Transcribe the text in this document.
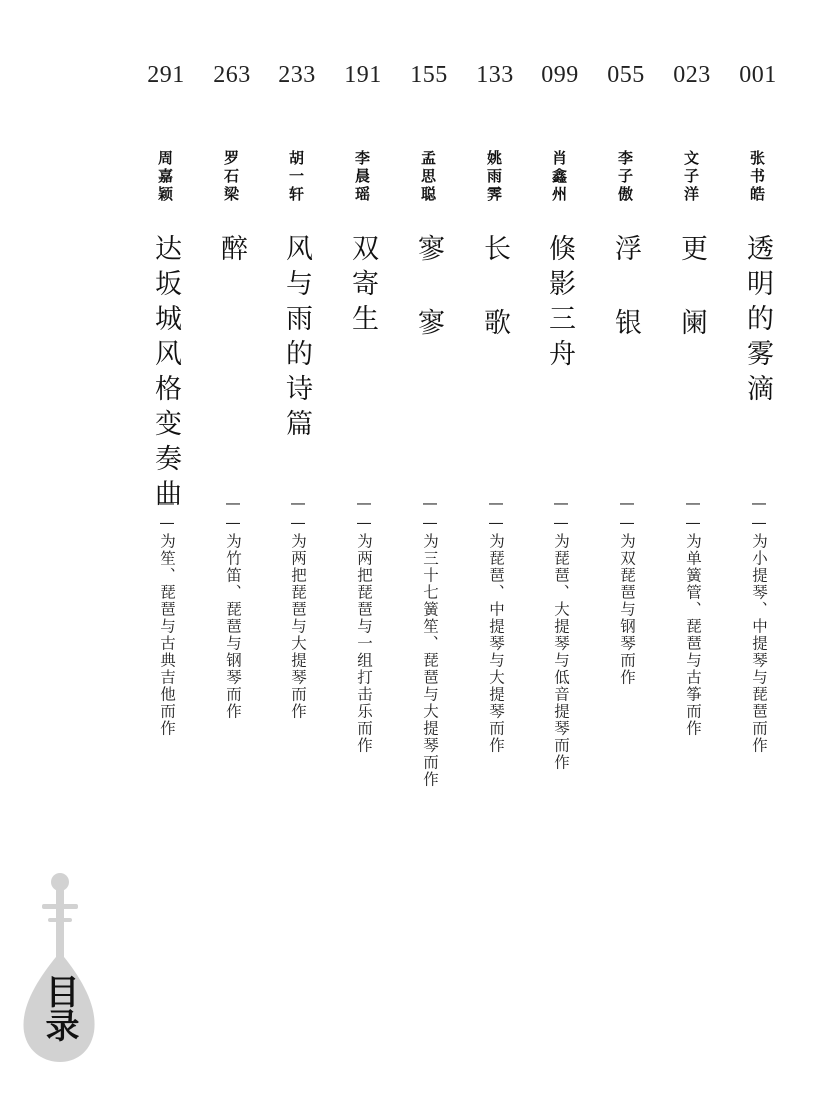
001
张书皓
透明的雾滴
——为小提琴、中提琴与琵琶而作
023
文子洋
更 阑
——为单簧管、琵琶与古筝而作
055
李子傲
浮 银
——为双琵琶与钢琴而作
099
肖鑫州
倏影三舟
——为琵琶、大提琴与低音提琴而作
133
姚雨霁
长 歌
——为琵琶、中提琴与大提琴而作
155
孟思聪
寥 寥
——为三十七簧笙、琵琶与大提琴而作
191
李晨瑶
双寄生
——为两把琵琶与一组打击乐而作
233
胡一轩
风与雨的诗篇
——为两把琵琶与大提琴而作
263
罗石梁
醉
——为竹笛、琵琶与钢琴而作
291
周嘉颖
达坂城风格变奏曲
——为笙、琵琶与古典吉他而作
目录
